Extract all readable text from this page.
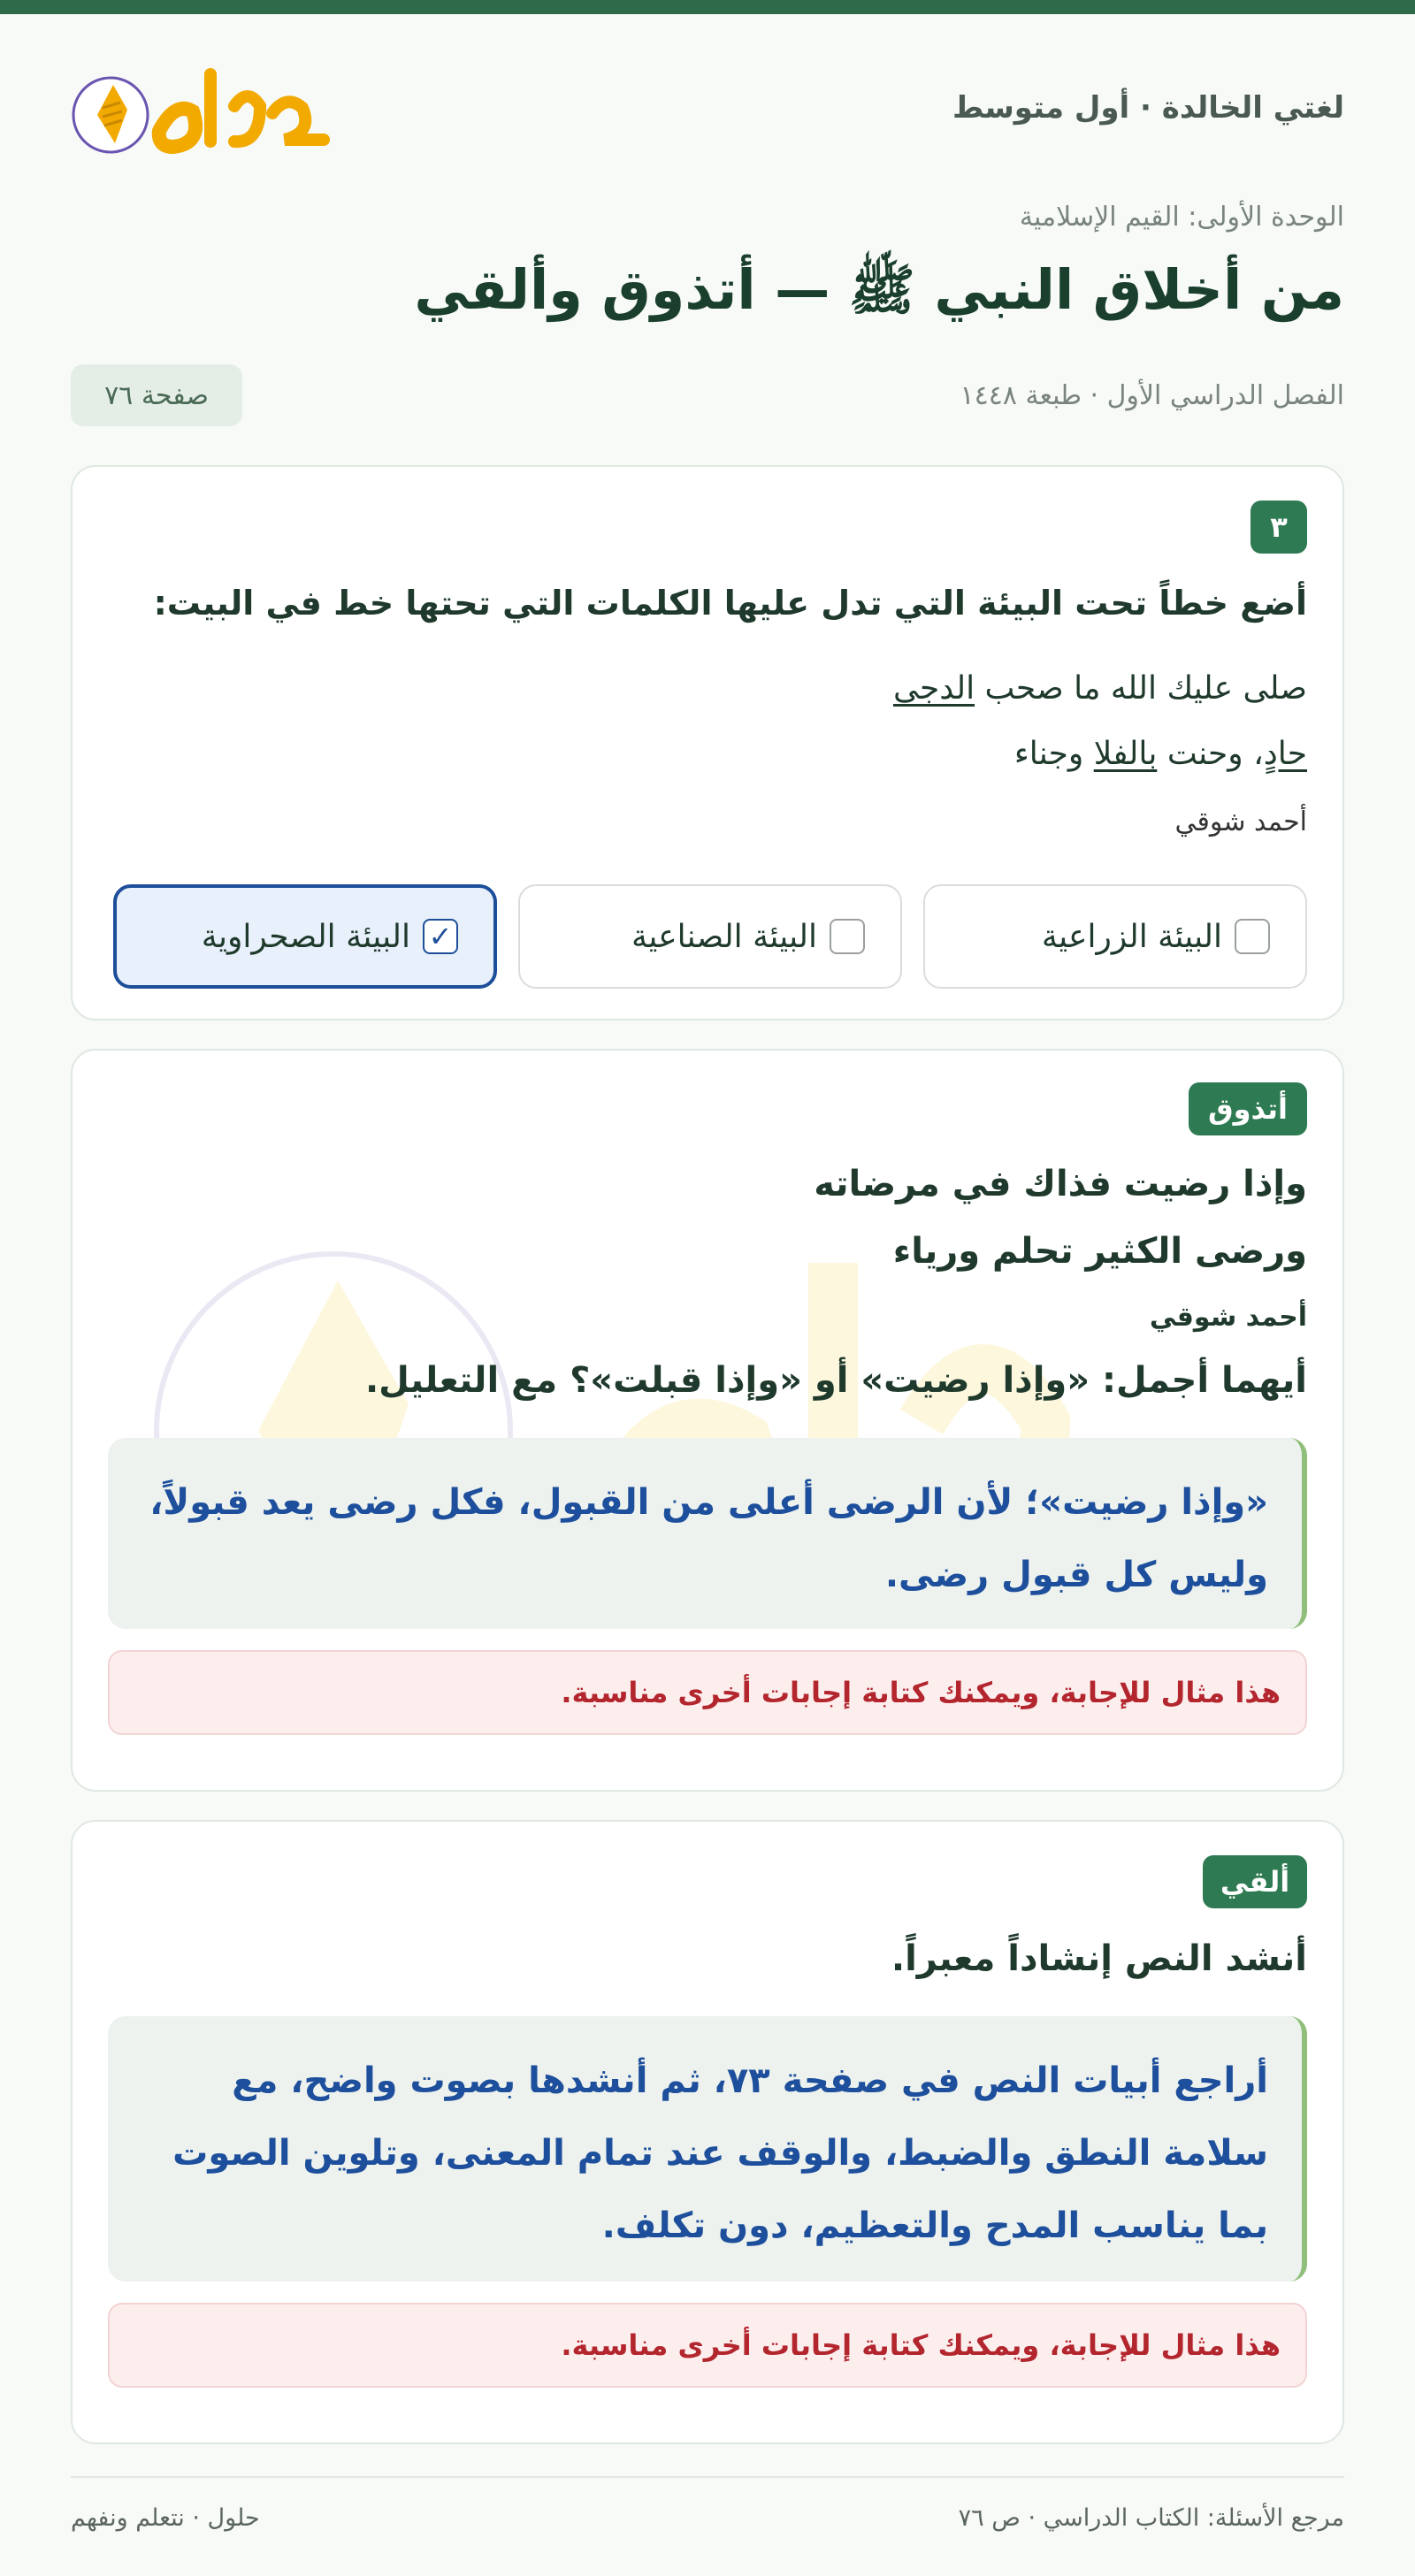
لغتي الخالدة · أول متوسط
الوحدة الأولى: القيم الإسلامية
من أخلاق النبي ﷺ — أتذوق وألقي
الفصل الدراسي الأول · طبعة ١٤٤٨
صفحة ٧٦
٣
أضع خطاً تحت البيئة التي تدل عليها الكلمات التي تحتها خط في البيت:
صلى عليك الله ما صحب الدجى
حادٍ، وحنت بالفلا وجناء
أحمد شوقي
البيئة الزراعية
البيئة الصناعية
✓
البيئة الصحراوية
أتذوق
وإذا رضيت فذاك في مرضاته
ورضى الكثير تحلم ورياء
أحمد شوقي
أيهما أجمل: «وإذا رضيت» أو «وإذا قبلت»؟ مع التعليل.
«وإذا رضيت»؛ لأن الرضى أعلى من القبول، فكل رضى يعد قبولاً،
وليس كل قبول رضى.
هذا مثال للإجابة، ويمكنك كتابة إجابات أخرى مناسبة.
ألقي
أنشد النص إنشاداً معبراً.
أراجع أبيات النص في صفحة ٧٣، ثم أنشدها بصوت واضح، مع
سلامة النطق والضبط، والوقف عند تمام المعنى، وتلوين الصوت
بما يناسب المدح والتعظيم، دون تكلف.
هذا مثال للإجابة، ويمكنك كتابة إجابات أخرى مناسبة.
مرجع الأسئلة: الكتاب الدراسي · ص ٧٦
حلول · نتعلم ونفهم
